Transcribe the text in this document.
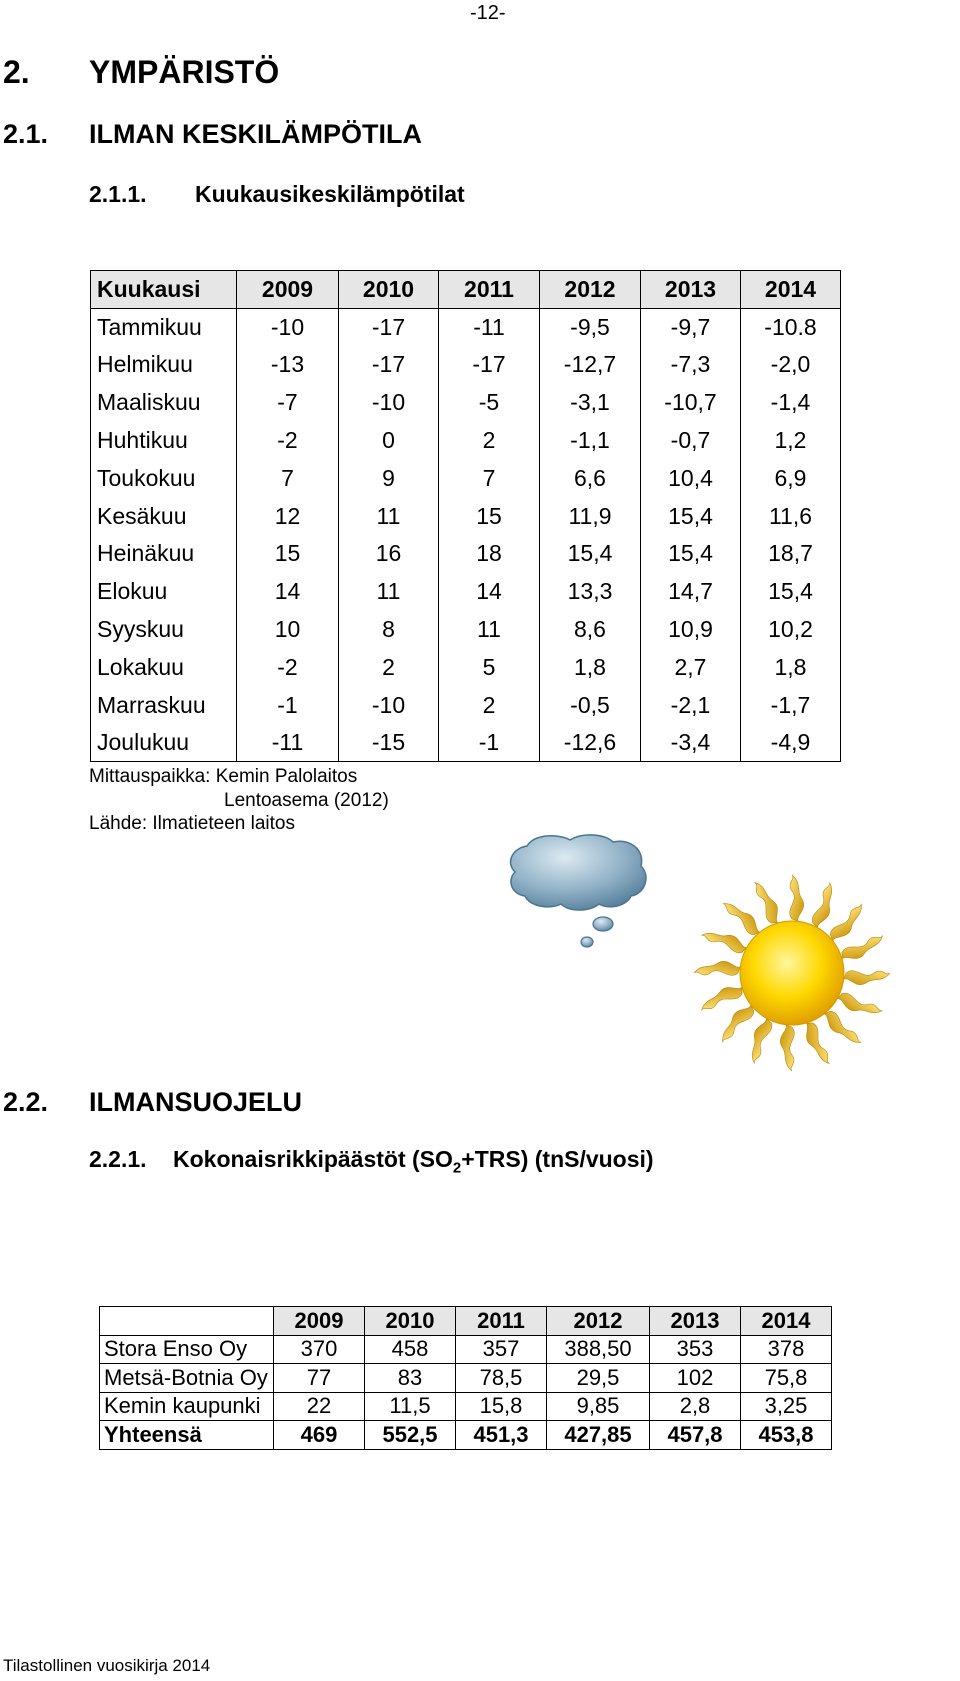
-12-
2. YMPÄRISTÖ
2.1. ILMAN KESKILÄMPÖTILA
2.1.1. Kuukausikeskilämpötilat
Kuukausi	2009	2010	2011	2012	2013	2014
Tammikuu	-10	-17	-11	-9,5	-9,7	-10.8
Helmikuu	-13	-17	-17	-12,7	-7,3	-2,0
Maaliskuu	-7	-10	-5	-3,1	-10,7	-1,4
Huhtikuu	-2	0	2	-1,1	-0,7	1,2
Toukokuu	7	9	7	6,6	10,4	6,9
Kesäkuu	12	11	15	11,9	15,4	11,6
Heinäkuu	15	16	18	15,4	15,4	18,7
Elokuu	14	11	14	13,3	14,7	15,4
Syyskuu	10	8	11	8,6	10,9	10,2
Lokakuu	-2	2	5	1,8	2,7	1,8
Marraskuu	-1	-10	2	-0,5	-2,1	-1,7
Joulukuu	-11	-15	-1	-12,6	-3,4	-4,9
Mittauspaikka: Kemin Palolaitos
Lentoasema (2012)
Lähde: Ilmatieteen laitos
2.2. ILMANSUOJELU
2.2.1. Kokonaisrikkipäästöt $(SO_2+TRS)$ (tnS/vuosi)
	2009	2010	2011	2012	2013	2014
Stora Enso Oy	370	458	357	388,50	353	378
Metsä-Botnia Oy	77	83	78,5	29,5	102	75,8
Kemin kaupunki	22	11,5	15,8	9,85	2,8	3,25
Yhteensä	469	552,5	451,3	427,85	457,8	453,8
Tilastollinen vuosikirja 2014
